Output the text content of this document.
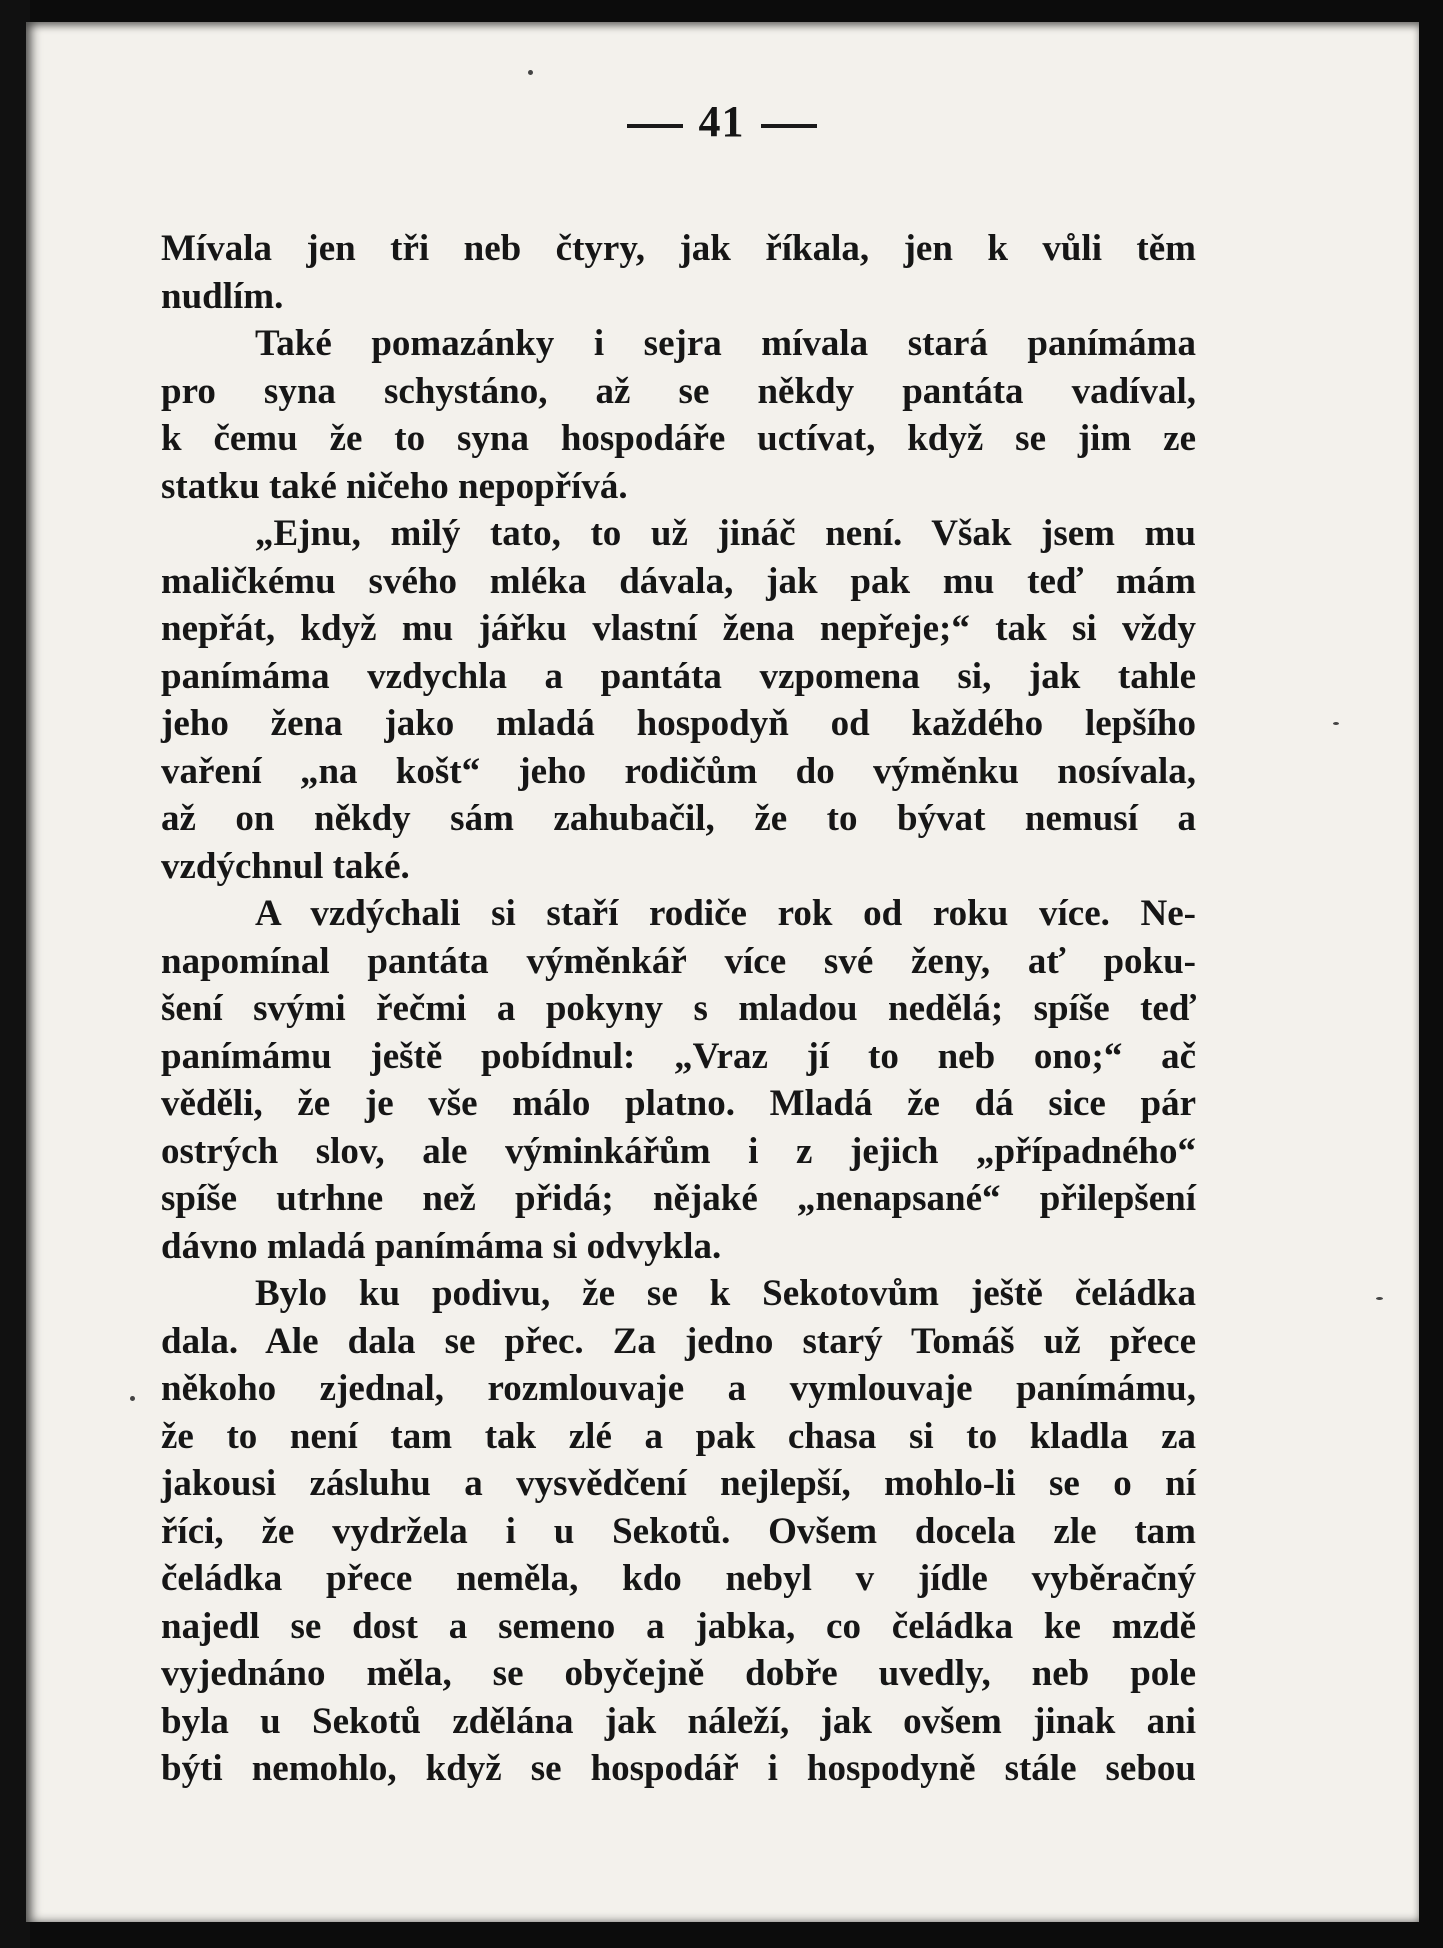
41
Mívala jen tři neb čtyry, jak říkala, jen k vůli těm
nudlím.
Také pomazánky i sejra mívala stará panímáma
pro syna schystáno, až se někdy pantáta vadíval,
k čemu že to syna hospodáře uctívat, když se jim ze
statku také ničeho nepopřívá.
„Ejnu, milý tato, to už jináč není. Však jsem mu
maličkému svého mléka dávala, jak pak mu teď mám
nepřát, když mu jářku vlastní žena nepřeje;“ tak si vždy
panímáma vzdychla a pantáta vzpomena si, jak tahle
jeho žena jako mladá hospodyň od každého lepšího
vaření „na košt“ jeho rodičům do výměnku nosívala,
až on někdy sám zahubačil, že to bývat nemusí a
vzdýchnul také.
A vzdýchali si staří rodiče rok od roku více. Ne-
napomínal pantáta výměnkář více své ženy, ať poku-
šení svými řečmi a pokyny s mladou nedělá; spíše teď
panímámu ještě pobídnul: „Vraz jí to neb ono;“ ač
věděli, že je vše málo platno. Mladá že dá sice pár
ostrých slov, ale výminkářům i z jejich „případného“
spíše utrhne než přidá; nějaké „nenapsané“ přilepšení
dávno mladá panímáma si odvykla.
Bylo ku podivu, že se k Sekotovům ještě čeládka
dala. Ale dala se přec. Za jedno starý Tomáš už přece
někoho zjednal, rozmlouvaje a vymlouvaje panímámu,
že to není tam tak zlé a pak chasa si to kladla za
jakousi zásluhu a vysvědčení nejlepší, mohlo-li se o ní
říci, že vydržela i u Sekotů. Ovšem docela zle tam
čeládka přece neměla, kdo nebyl v jídle vyběračný
najedl se dost a semeno a jabka, co čeládka ke mzdě
vyjednáno měla, se obyčejně dobře uvedly, neb pole
byla u Sekotů zdělána jak náleží, jak ovšem jinak ani
býti nemohlo, když se hospodář i hospodyně stále sebou
